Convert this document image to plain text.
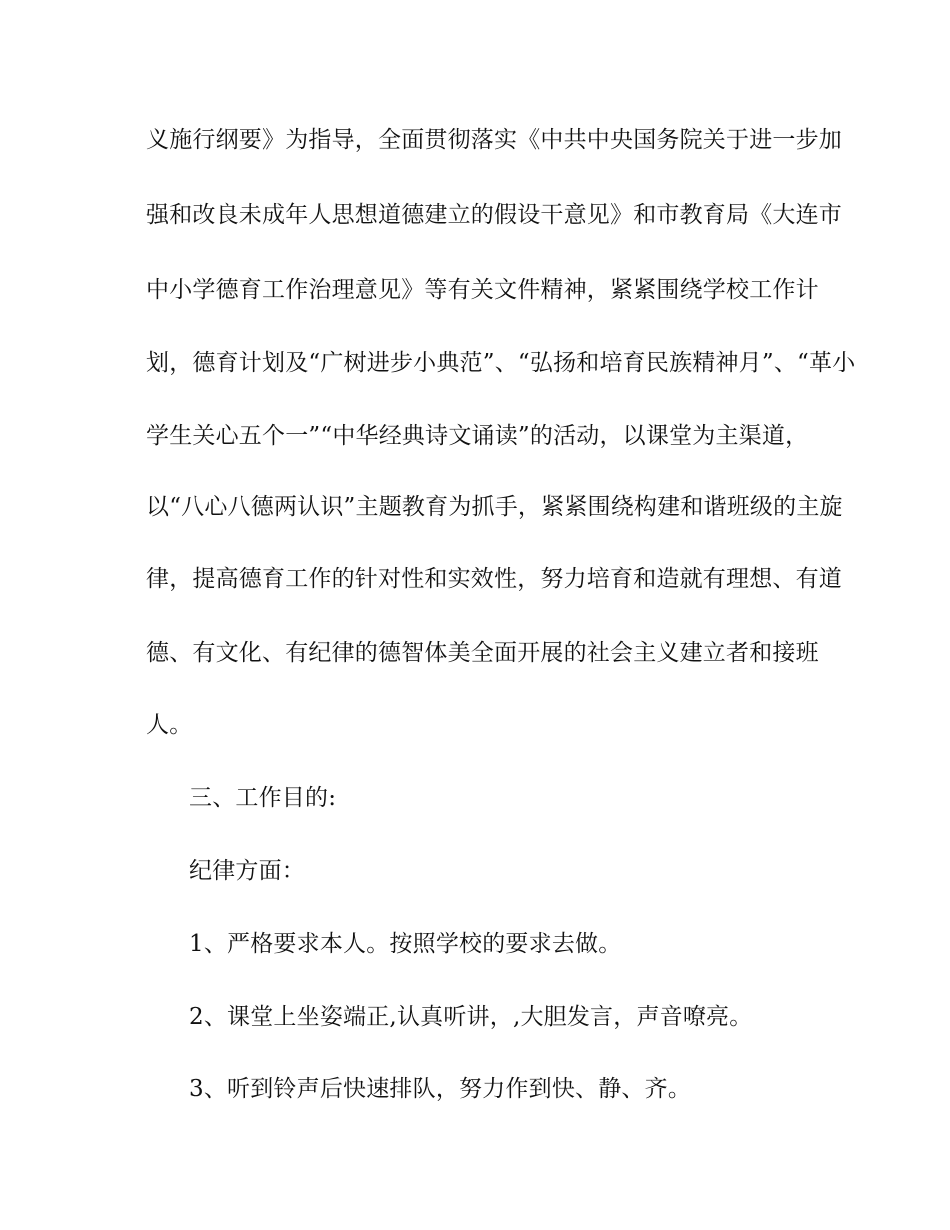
义施行纲要》为指导，全面贯彻落实《中共中央国务院关于进一步加
强和改良未成年人思想道德建立的假设干意见》和市教育局《大连市
中小学德育工作治理意见》等有关文件精神，紧紧围绕学校工作计
划，德育计划及“广树进步小典范”、“弘扬和培育民族精神月”、“革小
学生关心五个一”“中华经典诗文诵读”的活动，以课堂为主渠道，
以“八心八德两认识”主题教育为抓手，紧紧围绕构建和谐班级的主旋
律，提高德育工作的针对性和实效性，努力培育和造就有理想、有道
德、有文化、有纪律的德智体美全面开展的社会主义建立者和接班
人。
三、工作目的:
纪律方面：
1、严格要求本人。按照学校的要求去做。
2、课堂上坐姿端正,认真听讲，,大胆发言，声音嘹亮。
3、听到铃声后快速排队，努力作到快、静、齐。
